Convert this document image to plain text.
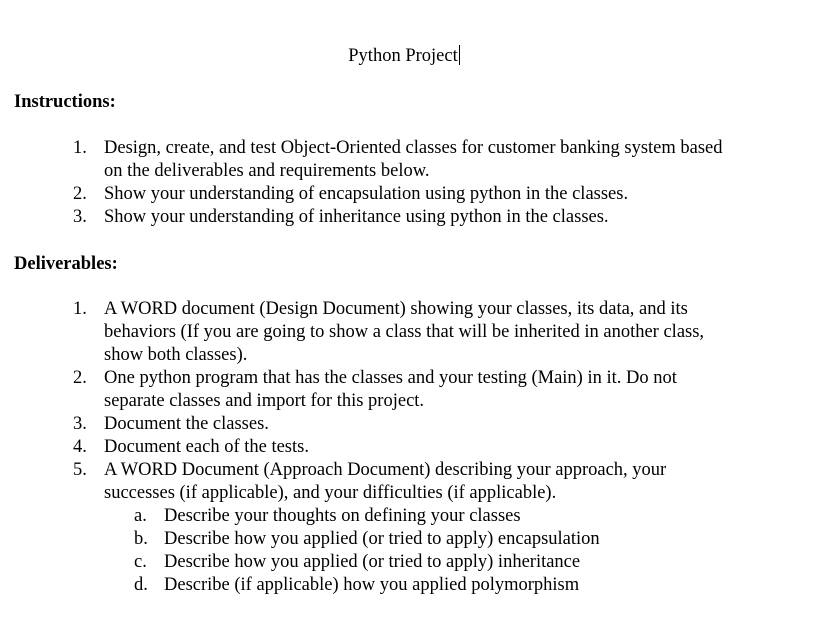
Python Project
Instructions:
1. Design, create, and test Object-Oriented classes for customer banking system based
on the deliverables and requirements below.
2. Show your understanding of encapsulation using python in the classes.
3. Show your understanding of inheritance using python in the classes.
Deliverables:
1. A WORD document (Design Document) showing your classes, its data, and its
behaviors (If you are going to show a class that will be inherited in another class,
show both classes).
2. One python program that has the classes and your testing (Main) in it. Do not
separate classes and import for this project.
3. Document the classes.
4. Document each of the tests.
5. A WORD Document (Approach Document) describing your approach, your
successes (if applicable), and your difficulties (if applicable).
a. Describe your thoughts on defining your classes
b. Describe how you applied (or tried to apply) encapsulation
c. Describe how you applied (or tried to apply) inheritance
d. Describe (if applicable) how you applied polymorphism
